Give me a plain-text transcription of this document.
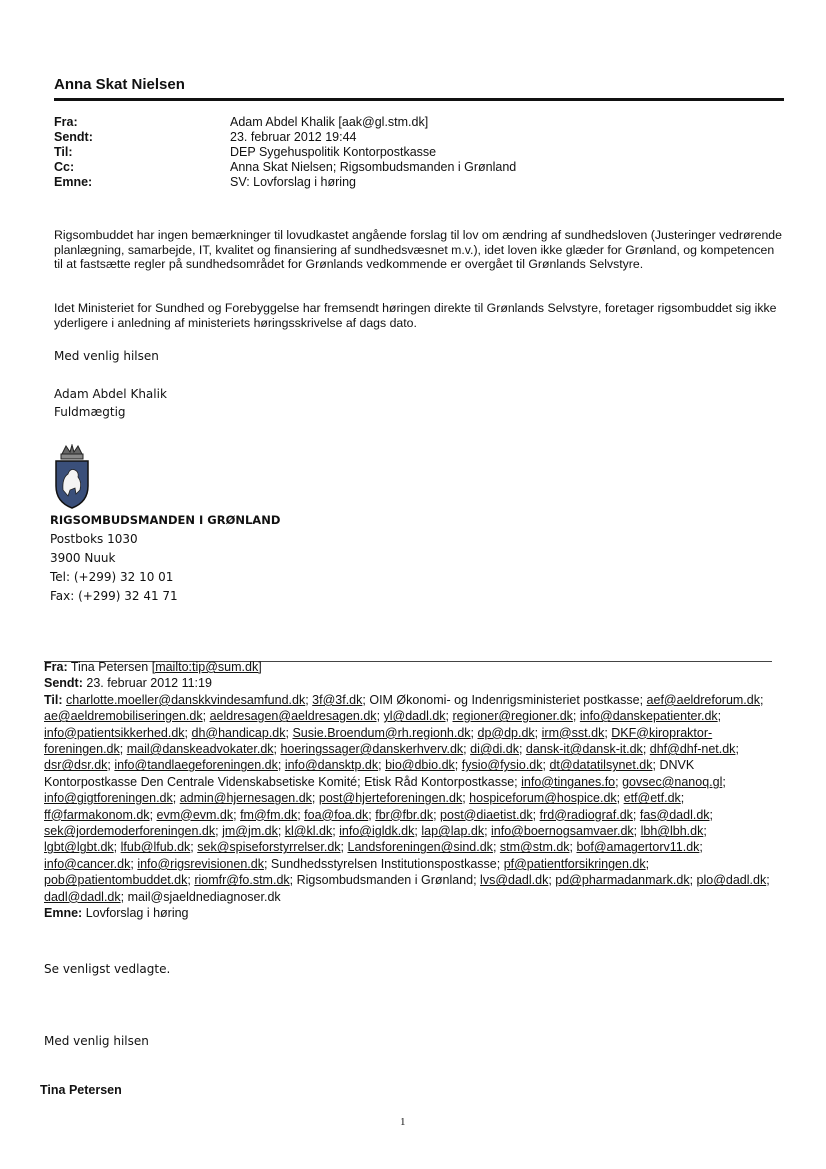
Anna Skat Nielsen
Fra:
Sendt:
Til:
Cc:
Emne:
Adam Abdel Khalik [aak@gl.stm.dk]
23. februar 2012 19:44
DEP Sygehuspolitik Kontorpostkasse
Anna Skat Nielsen; Rigsombudsmanden i Grønland
SV: Lovforslag i høring
Rigsombuddet har ingen bemærkninger til lovudkastet angående forslag til lov om ændring af sundhedsloven (Justeringer vedrørende planlægning, samarbejde, IT, kvalitet og finansiering af sundhedsvæsnet m.v.), idet loven ikke glæder for Grønland, og kompetencen til at fastsætte regler på sundhedsområdet for Grønlands vedkommende er overgået til Grønlands Selvstyre.
Idet Ministeriet for Sundhed og Forebyggelse har fremsendt høringen direkte til Grønlands Selvstyre, foretager rigsombuddet sig ikke yderligere i anledning af ministeriets høringsskrivelse af dags dato.
Med venlig hilsen
Adam Abdel Khalik
Fuldmægtig
RIGSOMBUDSMANDEN I GRØNLAND
Postboks 1030
3900 Nuuk
Tel: (+299) 32 10 01
Fax: (+299) 32 41 71
Fra: Tina Petersen [mailto:tip@sum.dk]
Sendt: 23. februar 2012 11:19
Til: charlotte.moeller@danskkvindesamfund.dk; 3f@3f.dk; OIM Økonomi- og Indenrigsministeriet postkasse; aef@aeldreforum.dk; ae@aeldremobiliseringen.dk; aeldresagen@aeldresagen.dk; yl@dadl.dk; regioner@regioner.dk; info@danskepatienter.dk; info@patientsikkerhed.dk; dh@handicap.dk; Susie.Broendum@rh.regionh.dk; dp@dp.dk; irm@sst.dk; DKF@kiropraktor-foreningen.dk; mail@danskeadvokater.dk; hoeringssager@danskerhverv.dk; di@di.dk; dansk-it@dansk-it.dk; dhf@dhf-net.dk; dsr@dsr.dk; info@tandlaegeforeningen.dk; info@dansktp.dk; bio@dbio.dk; fysio@fysio.dk; dt@datatilsynet.dk; DNVK Kontorpostkasse Den Centrale Videnskabsetiske Komité; Etisk Råd Kontorpostkasse; info@tinganes.fo; govsec@nanoq.gl; info@gigtforeningen.dk; admin@hjernesagen.dk; post@hjerteforeningen.dk; hospiceforum@hospice.dk; etf@etf.dk; ff@farmakonom.dk; evm@evm.dk; fm@fm.dk; foa@foa.dk; fbr@fbr.dk; post@diaetist.dk; frd@radiograf.dk; fas@dadl.dk; sek@jordemoderforeningen.dk; jm@jm.dk; kl@kl.dk; info@igldk.dk; lap@lap.dk; info@boernogsamvaer.dk; lbh@lbh.dk; lgbt@lgbt.dk; lfub@lfub.dk; sek@spiseforstyrrelser.dk; Landsforeningen@sind.dk; stm@stm.dk; bof@amagertorv11.dk; info@cancer.dk; info@rigsrevisionen.dk; Sundhedsstyrelsen Institutionspostkasse; pf@patientforsikringen.dk; pob@patientombuddet.dk; riomfr@fo.stm.dk; Rigsombudsmanden i Grønland; lvs@dadl.dk; pd@pharmadanmark.dk; plo@dadl.dk; dadl@dadl.dk; mail@sjaeldnediagnoser.dk
Emne: Lovforslag i høring
Se venligst vedlagte.
Med venlig hilsen
Tina Petersen
1
